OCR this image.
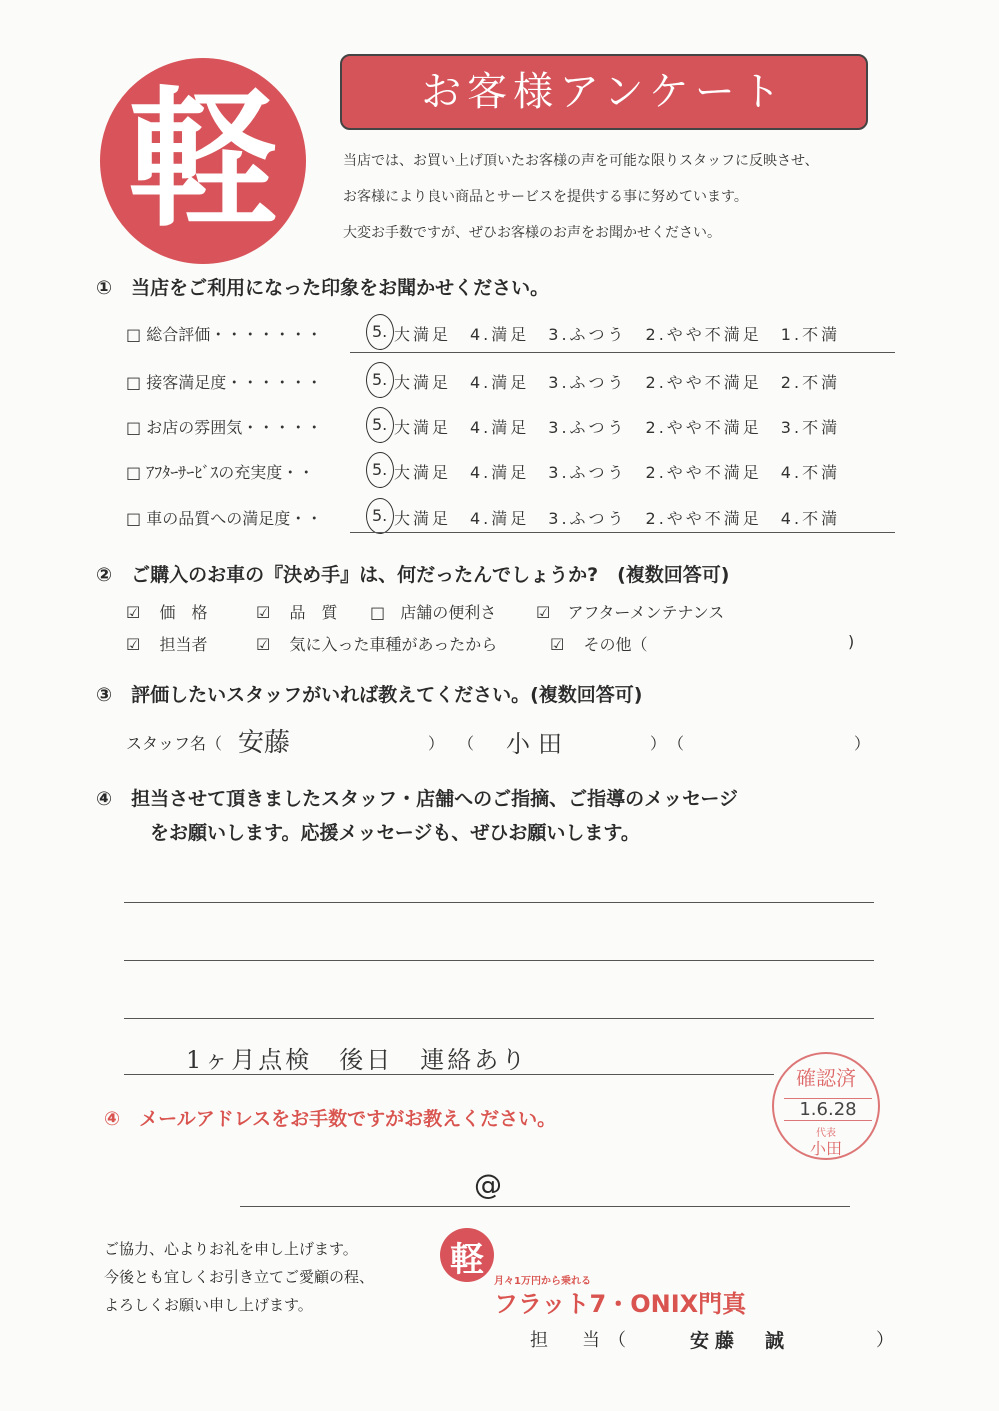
軽	お客様アンケート
当店では、お買い上げ頂いたお客様の声を可能な限りスタッフに反映させ、
お客様により良い商品とサービスを提供する事に努めています。
大変お手数ですが、ぜひお客様のお声をお聞かせください。
①　当店をご利用になった印象をお聞かせください。
□ 総合評価・・・・・・・	5. 大満足　4.満足　3.ふつう　2.やや不満足　1.不満
□ 接客満足度・・・・・・	5. 大満足　4.満足　3.ふつう　2.やや不満足　2.不満
□ お店の雰囲気・・・・・	5. 大満足　4.満足　3.ふつう　2.やや不満足　3.不満
□ ｱﾌﾀｰｻｰﾋﾞｽの充実度・・	5. 大満足　4.満足　3.ふつう　2.やや不満足　4.不満
□ 車の品質への満足度・・	5. 大満足　4.満足　3.ふつう　2.やや不満足　4.不満
②　ご購入のお車の『決め手』は、何だったんでしょうか?　(複数回答可)
☑ 価　格	☑ 品　質 □ 店舗の便利さ ☑ アフターメンテナンス
☑ 担当者	☑ 気に入った車種があったから	☑ その他（	)
③　評価したいスタッフがいれば教えてください。(複数回答可)
スタッフ名（ 安藤	）（ 小田	）（	）
④　担当させて頂きましたスタッフ・店舗へのご指摘、ご指導のメッセージ
をお願いします。応援メッセージも、ぜひお願いします。
1ヶ月点検　後日　連絡あり
④　メールアドレスをお手数ですがお教えください。
@
確認済
1.6.28
代表
小田
ご協力、心よりお礼を申し上げます。
今後とも宜しくお引き立てご愛顧の程、
よろしくお願い申し上げます。
軽
月々1万円から乗れる
フラット7・ONIX門真
担　当（	安藤　誠	）
